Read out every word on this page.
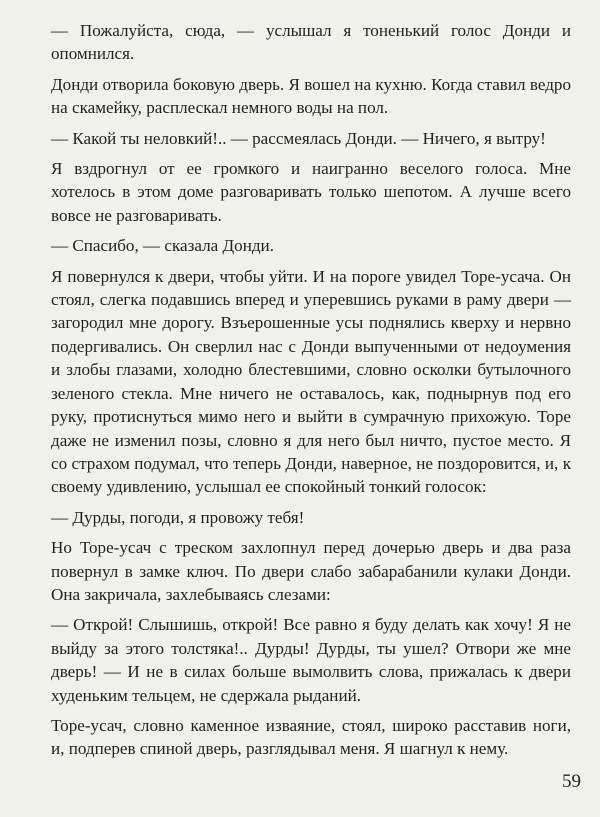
— Пожалуйста, сюда, — услышал я тоненький голос Донди и опомнился.

Донди отворила боковую дверь. Я вошел на кухню. Когда ставил ведро на скамейку, расплескал немного воды на пол.

— Какой ты неловкий!.. — рассмеялась Донди. — Ничего, я вытру!

Я вздрогнул от ее громкого и наигранно веселого голоса. Мне хотелось в этом доме разговаривать только шепотом. А лучше всего вовсе не разговаривать.

— Спасибо, — сказала Донди.

Я повернулся к двери, чтобы уйти. И на пороге увидел Торе-усача. Он стоял, слегка подавшись вперед и уперевшись руками в раму двери — загородил мне дорогу. Взъерошенные усы поднялись кверху и нервно подергивались. Он сверлил нас с Донди выпученными от недоумения и злобы глазами, холодно блестевшими, словно осколки бутылочного зеленого стекла. Мне ничего не оставалось, как, поднырнув под его руку, протиснуться мимо него и выйти в сумрачную прихожую. Торе даже не изменил позы, словно я для него был ничто, пустое место. Я со страхом подумал, что теперь Донди, наверное, не поздоровится, и, к своему удивлению, услышал ее спокойный тонкий голосок:

— Дурды, погоди, я провожу тебя!

Но Торе-усач с треском захлопнул перед дочерью дверь и два раза повернул в замке ключ. По двери слабо забарабанили кулаки Донди. Она закричала, захлебываясь слезами:

— Открой! Слышишь, открой! Все равно я буду делать как хочу! Я не выйду за этого толстяка!.. Дурды! Дурды, ты ушел? Отвори же мне дверь! — И не в силах больше вымолвить слова, прижалась к двери худеньким тельцем, не сдержала рыданий.

Торе-усач, словно каменное изваяние, стоял, широко расставив ноги, и, подперев спиной дверь, разглядывал меня. Я шагнул к нему.

59
